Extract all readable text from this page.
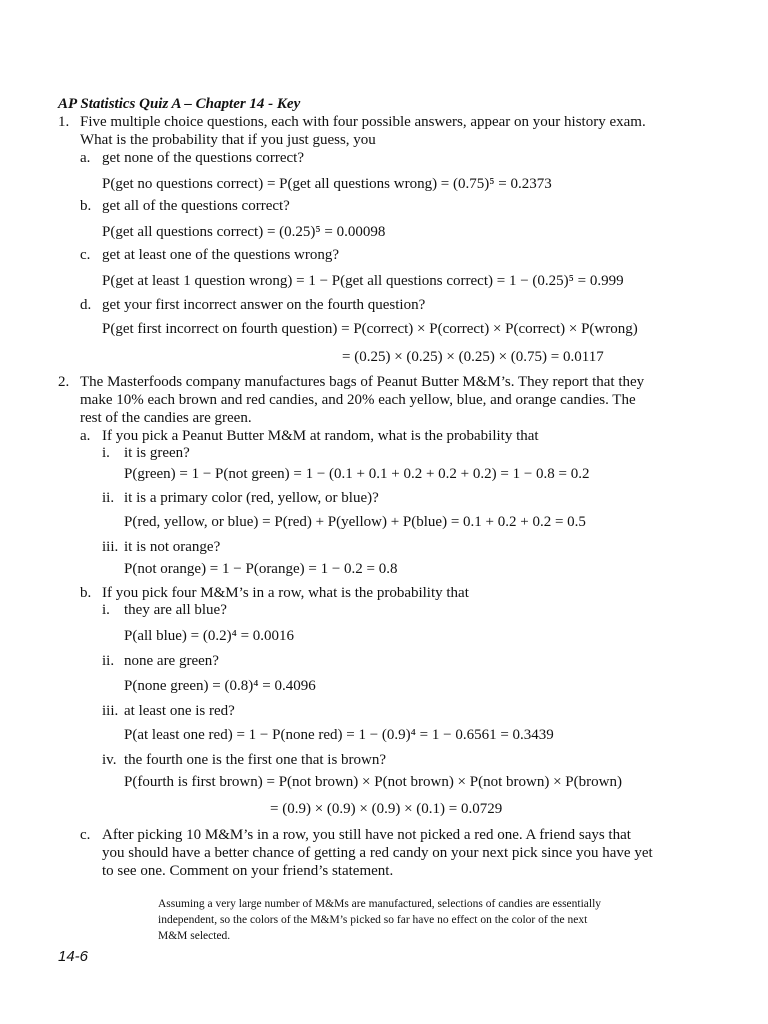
AP Statistics Quiz A – Chapter 14 - Key
1. Five multiple choice questions, each with four possible answers, appear on your history exam.
What is the probability that if you just guess, you
a. get none of the questions correct?
P(get no questions correct) = P(get all questions wrong) = (0.75)⁵ = 0.2373
b. get all of the questions correct?
P(get all questions correct) = (0.25)⁵ = 0.00098
c. get at least one of the questions wrong?
P(get at least 1 question wrong) = 1 − P(get all questions correct) = 1 − (0.25)⁵ = 0.999
d. get your first incorrect answer on the fourth question?
P(get first incorrect on fourth question) = P(correct) × P(correct) × P(correct) × P(wrong)
= (0.25) × (0.25) × (0.25) × (0.75) = 0.0117
2. The Masterfoods company manufactures bags of Peanut Butter M&M’s. They report that they
make 10% each brown and red candies, and 20% each yellow, blue, and orange candies. The
rest of the candies are green.
a. If you pick a Peanut Butter M&M at random, what is the probability that
i. it is green?
P(green) = 1 − P(not green) = 1 − (0.1 + 0.1 + 0.2 + 0.2 + 0.2) = 1 − 0.8 = 0.2
ii. it is a primary color (red, yellow, or blue)?
P(red, yellow, or blue) = P(red) + P(yellow) + P(blue) = 0.1 + 0.2 + 0.2 = 0.5
iii. it is not orange?
P(not orange) = 1 − P(orange) = 1 − 0.2 = 0.8
b. If you pick four M&M’s in a row, what is the probability that
i. they are all blue?
P(all blue) = (0.2)⁴ = 0.0016
ii. none are green?
P(none green) = (0.8)⁴ = 0.4096
iii. at least one is red?
P(at least one red) = 1 − P(none red) = 1 − (0.9)⁴ = 1 − 0.6561 = 0.3439
iv. the fourth one is the first one that is brown?
P(fourth is first brown) = P(not brown) × P(not brown) × P(not brown) × P(brown)
= (0.9) × (0.9) × (0.9) × (0.1) = 0.0729
c. After picking 10 M&M’s in a row, you still have not picked a red one. A friend says that
you should have a better chance of getting a red candy on your next pick since you have yet
to see one. Comment on your friend’s statement.
Assuming a very large number of M&Ms are manufactured, selections of candies are essentially
independent, so the colors of the M&M’s picked so far have no effect on the color of the next
M&M selected.
14-6
